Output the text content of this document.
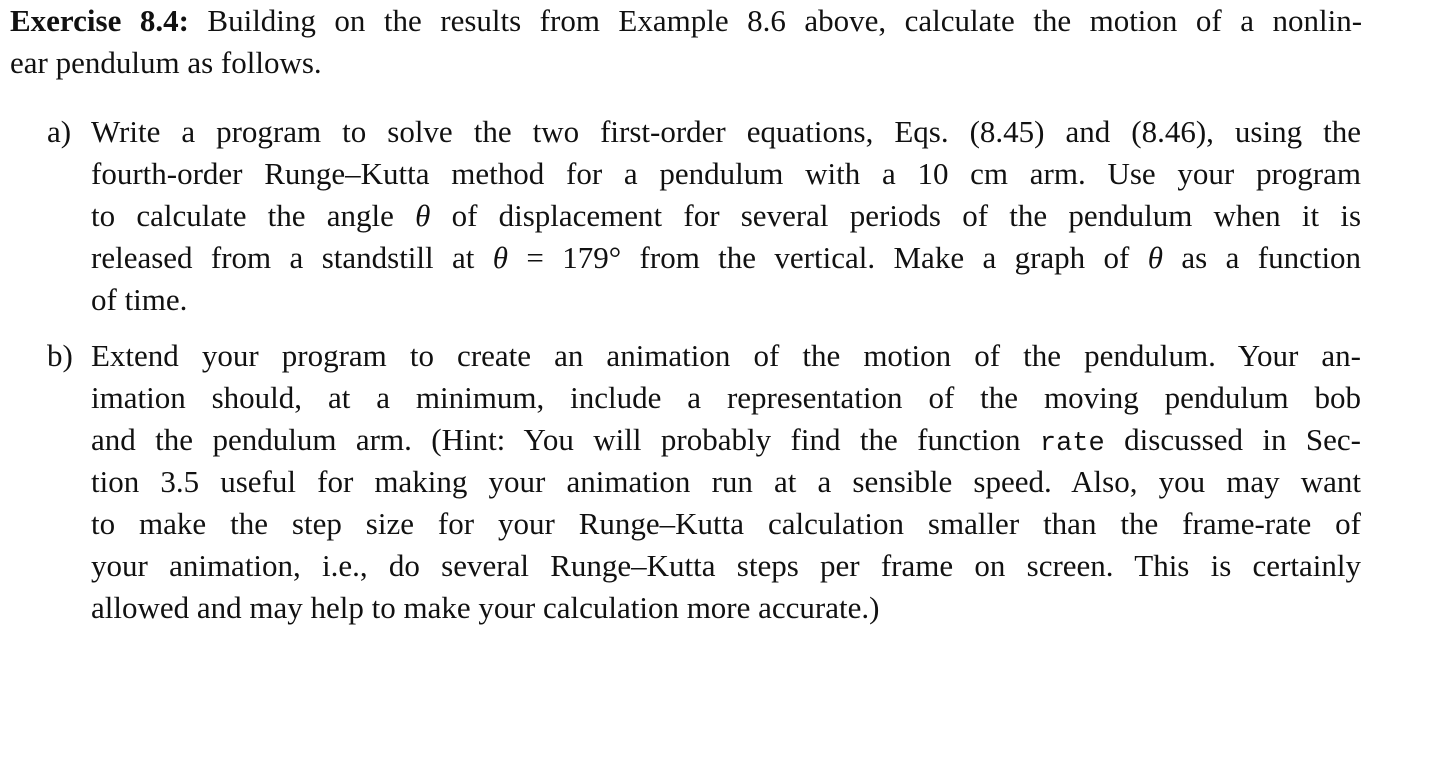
Exercise 8.4: Building on the results from Example 8.6 above, calculate the motion of a nonlin-
ear pendulum as follows.
a) Write a program to solve the two first-order equations, Eqs. (8.45) and (8.46), using the
fourth-order Runge–Kutta method for a pendulum with a 10 cm arm. Use your program
to calculate the angle θ of displacement for several periods of the pendulum when it is
released from a standstill at θ = 179° from the vertical. Make a graph of θ as a function
of time.
b) Extend your program to create an animation of the motion of the pendulum. Your an-
imation should, at a minimum, include a representation of the moving pendulum bob
and the pendulum arm. (Hint: You will probably find the function rate discussed in Sec-
tion 3.5 useful for making your animation run at a sensible speed. Also, you may want
to make the step size for your Runge–Kutta calculation smaller than the frame-rate of
your animation, i.e., do several Runge–Kutta steps per frame on screen. This is certainly
allowed and may help to make your calculation more accurate.)
